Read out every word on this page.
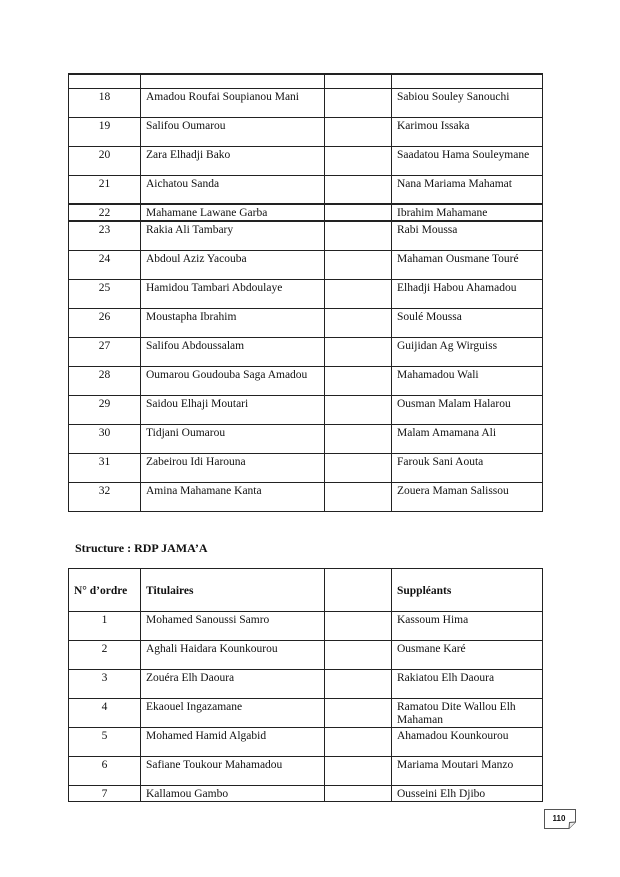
18	Amadou Roufai Soupianou Mani		Sabiou Souley Sanouchi
19	Salifou Oumarou		Karimou Issaka
20	Zara Elhadji Bako		Saadatou Hama Souleymane
21	Aichatou Sanda		Nana Mariama Mahamat
22	Mahamane Lawane Garba		Ibrahim Mahamane
23	Rakia Ali Tambary		Rabi Moussa
24	Abdoul Aziz Yacouba		Mahaman Ousmane Touré
25	Hamidou Tambari Abdoulaye		Elhadji Habou Ahamadou
26	Moustapha Ibrahim		Soulé Moussa
27	Salifou Abdoussalam		Guijidan Ag Wirguiss
28	Oumarou Goudouba Saga Amadou		Mahamadou Wali
29	Saidou Elhaji Moutari		Ousman Malam Halarou
30	Tidjani Oumarou		Malam Amamana Ali
31	Zabeirou Idi Harouna		Farouk Sani Aouta
32	Amina Mahamane Kanta		Zouera Maman Salissou
Structure : RDP JAMA’A
N° d’ordre	Titulaires		Suppléants
1	Mohamed Sanoussi Samro		Kassoum Hima
2	Aghali Haidara Kounkourou		Ousmane Karé
3	Zouéra Elh Daoura		Rakiatou Elh Daoura
4	Ekaouel Ingazamane		Ramatou Dite Wallou Elh Mahaman
5	Mohamed Hamid Algabid		Ahamadou Kounkourou
6	Safiane Toukour Mahamadou		Mariama Moutari Manzo
7	Kallamou Gambo		Ousseini Elh Djibo
110
